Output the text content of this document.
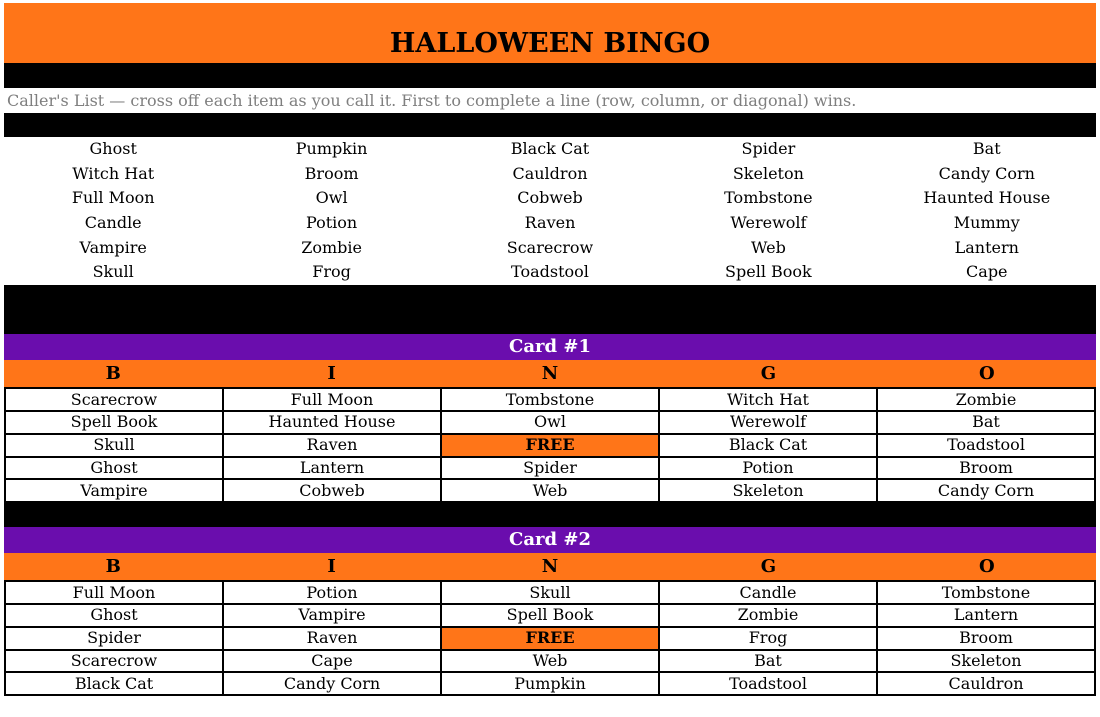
HALLOWEEN BINGO
Caller's List — cross off each item as you call it. First to complete a line (row, column, or diagonal) wins.
Ghost	Pumpkin	Black Cat	Spider	Bat
Witch Hat	Broom	Cauldron	Skeleton	Candy Corn
Full Moon	Owl	Cobweb	Tombstone	Haunted House
Candle	Potion	Raven	Werewolf	Mummy
Vampire	Zombie	Scarecrow	Web	Lantern
Skull	Frog	Toadstool	Spell Book	Cape
Card #1
B	I	N	G	O
Scarecrow	Full Moon	Tombstone	Witch Hat	Zombie
Spell Book	Haunted House	Owl	Werewolf	Bat
Skull	Raven	FREE	Black Cat	Toadstool
Ghost	Lantern	Spider	Potion	Broom
Vampire	Cobweb	Web	Skeleton	Candy Corn
Card #2
B	I	N	G	O
Full Moon	Potion	Skull	Candle	Tombstone
Ghost	Vampire	Spell Book	Zombie	Lantern
Spider	Raven	FREE	Frog	Broom
Scarecrow	Cape	Web	Bat	Skeleton
Black Cat	Candy Corn	Pumpkin	Toadstool	Cauldron
